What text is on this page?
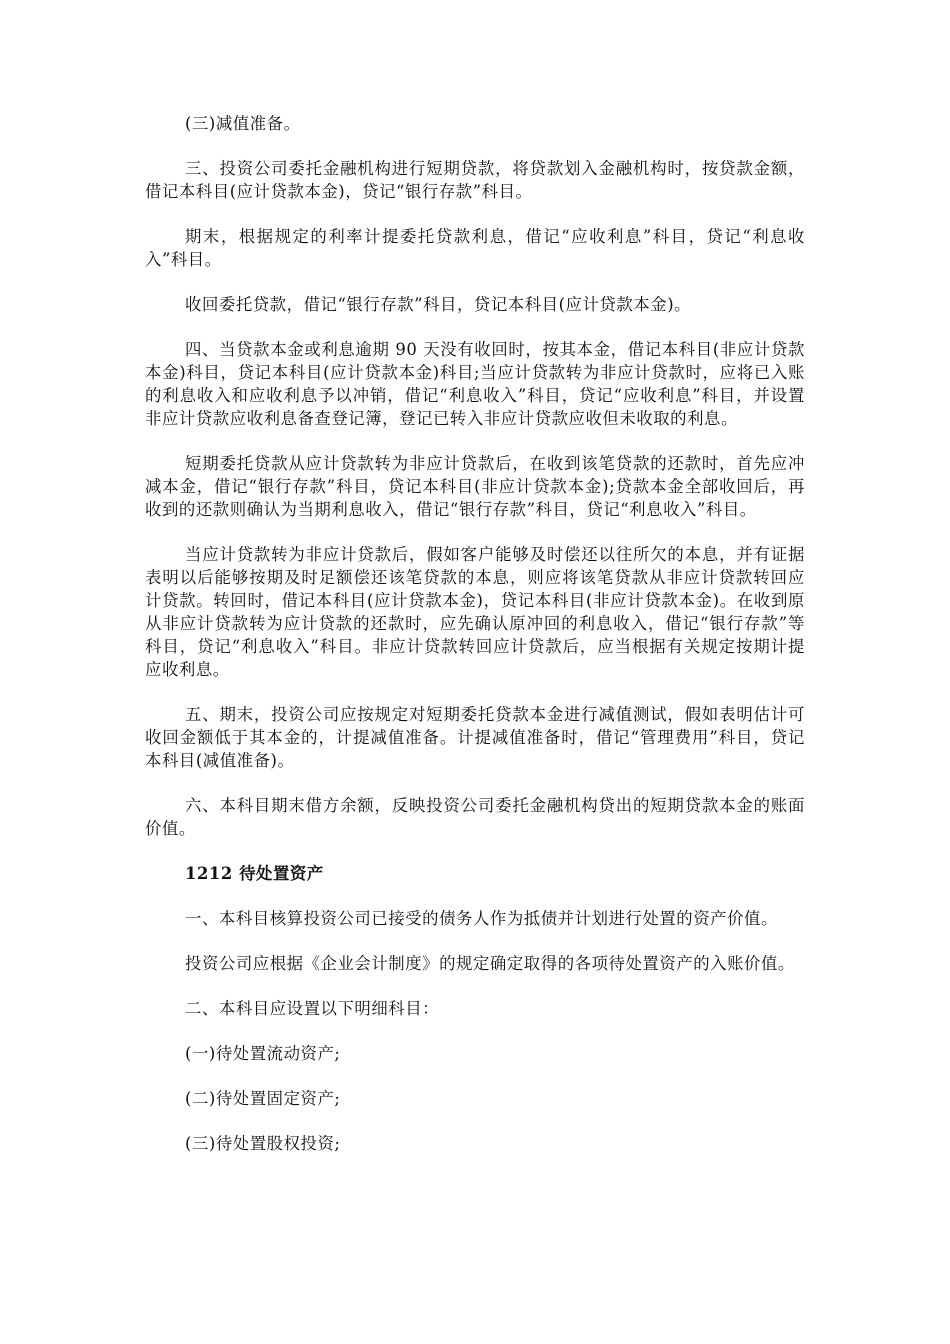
(三)减值准备。

三、投资公司委托金融机构进行短期贷款，将贷款划入金融机构时，按贷款金额，借记本科目(应计贷款本金)，贷记“银行存款”科目。

期末，根据规定的利率计提委托贷款利息，借记“应收利息”科目，贷记“利息收入”科目。

收回委托贷款，借记“银行存款”科目，贷记本科目(应计贷款本金)。

四、当贷款本金或利息逾期 90 天没有收回时，按其本金，借记本科目(非应计贷款本金)科目，贷记本科目(应计贷款本金)科目;当应计贷款转为非应计贷款时，应将已入账的利息收入和应收利息予以冲销，借记“利息收入”科目，贷记“应收利息”科目，并设置非应计贷款应收利息备查登记簿，登记已转入非应计贷款应收但未收取的利息。

短期委托贷款从应计贷款转为非应计贷款后，在收到该笔贷款的还款时，首先应冲减本金，借记“银行存款”科目，贷记本科目(非应计贷款本金);贷款本金全部收回后，再收到的还款则确认为当期利息收入，借记“银行存款”科目，贷记“利息收入”科目。

当应计贷款转为非应计贷款后，假如客户能够及时偿还以往所欠的本息，并有证据表明以后能够按期及时足额偿还该笔贷款的本息，则应将该笔贷款从非应计贷款转回应计贷款。转回时，借记本科目(应计贷款本金)，贷记本科目(非应计贷款本金)。在收到原从非应计贷款转为应计贷款的还款时，应先确认原冲回的利息收入，借记“银行存款”等科目，贷记“利息收入”科目。非应计贷款转回应计贷款后，应当根据有关规定按期计提应收利息。

五、期末，投资公司应按规定对短期委托贷款本金进行减值测试，假如表明估计可收回金额低于其本金的，计提减值准备。计提减值准备时，借记“管理费用”科目，贷记本科目(减值准备)。

六、本科目期末借方余额，反映投资公司委托金融机构贷出的短期贷款本金的账面价值。

1212 待处置资产

一、本科目核算投资公司已接受的债务人作为抵债并计划进行处置的资产价值。

投资公司应根据《企业会计制度》的规定确定取得的各项待处置资产的入账价值。

二、本科目应设置以下明细科目：

(一)待处置流动资产;

(二)待处置固定资产;

(三)待处置股权投资;
